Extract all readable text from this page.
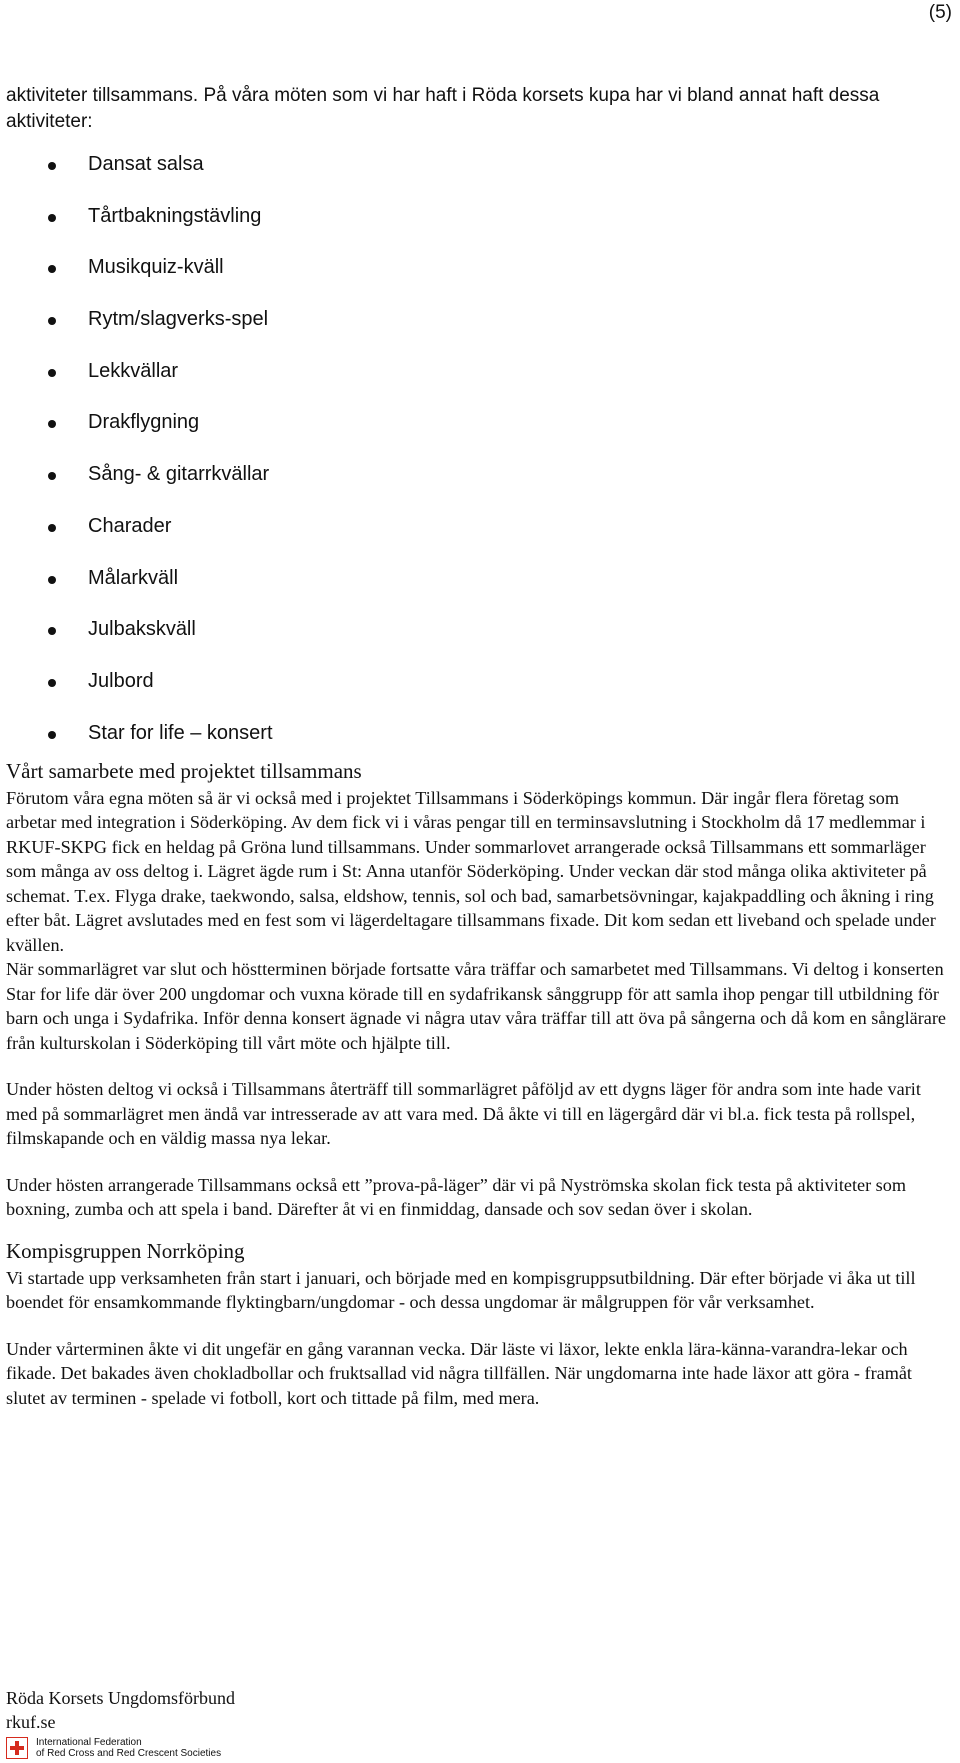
(5)

aktiviteter tillsammans. På våra möten som vi har haft i Röda korsets kupa har vi bland annat haft dessa aktiviteter:

Dansat salsa
Tårtbakningstävling
Musikquiz-kväll
Rytm/slagverks-spel
Lekkvällar
Drakflygning
Sång- & gitarrkvällar
Charader
Målarkväll
Julbakskväll
Julbord
Star for life – konsert
Vårt samarbete med projektet tillsammans

Förutom våra egna möten så är vi också med i projektet Tillsammans i Söderköpings kommun. Där ingår flera företag som arbetar med integration i Söderköping. Av dem fick vi i våras pengar till en terminsavslutning i Stockholm då 17 medlemmar i RKUF-SKPG fick en heldag på Gröna lund tillsammans. Under sommarlovet arrangerade också Tillsammans ett sommarläger som många av oss deltog i. Lägret ägde rum i St: Anna utanför Söderköping. Under veckan där stod många olika aktiviteter på schemat. T.ex. Flyga drake, taekwondo, salsa, eldshow, tennis, sol och bad, samarbetsövningar, kajakpaddling och åkning i ring efter båt. Lägret avslutades med en fest som vi lägerdeltagare tillsammans fixade. Dit kom sedan ett liveband och spelade under kvällen.

När sommarlägret var slut och höstterminen började fortsatte våra träffar och samarbetet med Tillsammans. Vi deltog i konserten Star for life där över 200 ungdomar och vuxna körade till en sydafrikansk sånggrupp för att samla ihop pengar till utbildning för barn och unga i Sydafrika. Inför denna konsert ägnade vi några utav våra träffar till att öva på sångerna och då kom en sånglärare från kulturskolan i Söderköping till vårt möte och hjälpte till.

Under hösten deltog vi också i Tillsammans återträff till sommarlägret påföljd av ett dygns läger för andra som inte hade varit med på sommarlägret men ändå var intresserade av att vara med. Då åkte vi till en lägergård där vi bl.a. fick testa på rollspel, filmskapande och en väldig massa nya lekar.

Under hösten arrangerade Tillsammans också ett ”prova-på-läger” där vi på Nyströmska skolan fick testa på aktiviteter som boxning, zumba och att spela i band. Därefter åt vi en finmiddag, dansade och sov sedan över i skolan.

Kompisgruppen Norrköping

Vi startade upp verksamheten från start i januari, och började med en kompisgruppsutbildning. Där efter började vi åka ut till boendet för ensamkommande flyktingbarn/ungdomar - och dessa ungdomar är målgruppen för vår verksamhet.

Under vårterminen åkte vi dit ungefär en gång varannan vecka. Där läste vi läxor, lekte enkla lära-känna-varandra-lekar och fikade. Det bakades även chokladbollar och fruktsallad vid några tillfällen. När ungdomarna inte hade läxor att göra - framåt slutet av terminen - spelade vi fotboll, kort och tittade på film, med mera.

Röda Korsets Ungdomsförbund
rkuf.se
International Federation
of Red Cross and Red Crescent Societies
